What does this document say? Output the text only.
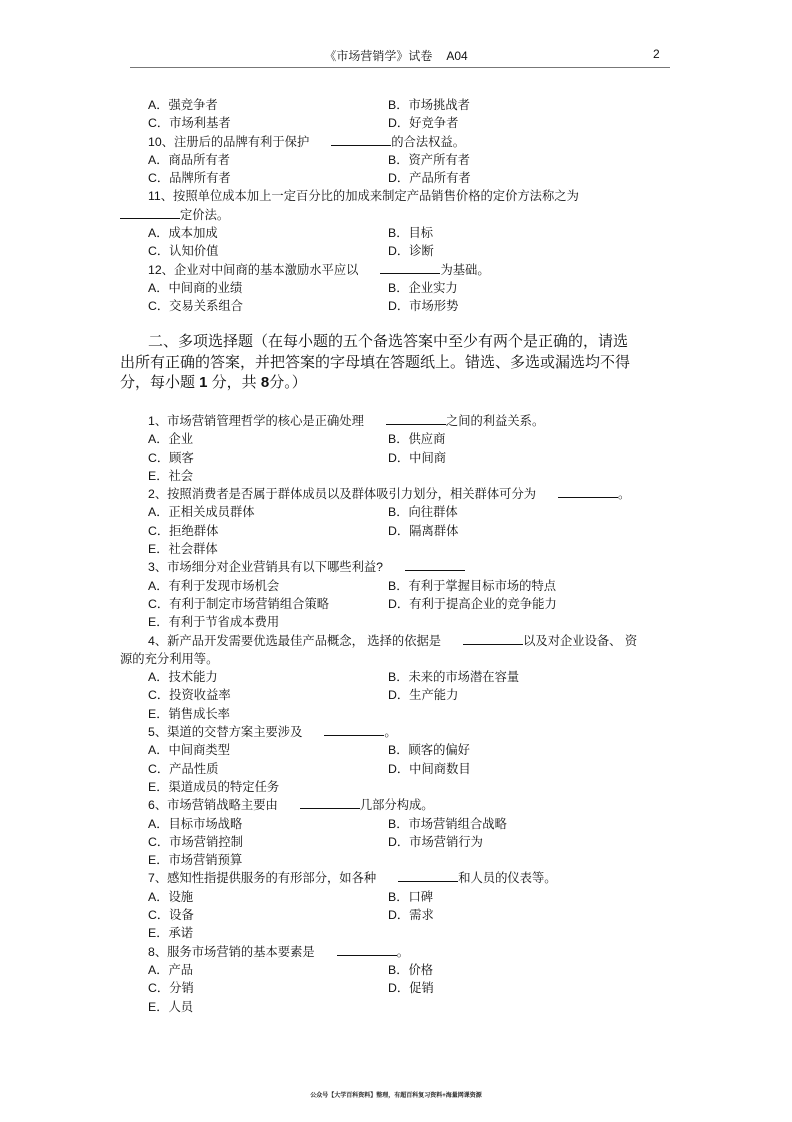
《市场营销学》试卷 A04	2
A．强竞争者	B．市场挑战者
C．市场利基者	D．好竞争者
10、注册后的品牌有利于保护	的合法权益。
A．商品所有者	B．资产所有者
C．品牌所有者	D．产品所有者
11、按照单位成本加上一定百分比的加成来制定产品销售价格的定价方法称之为
定价法。
A．成本加成	B．目标
C．认知价值	D．诊断
12、企业对中间商的基本激励水平应以	为基础。
A．中间商的业绩	B．企业实力
C．交易关系组合	D．市场形势
二、多项选择题（在每小题的五个备选答案中至少有两个是正确的，请选
出所有正确的答案，并把答案的字母填在答题纸上。错选、多选或漏选均不得
分，每小题 1 分，共 8分。）
1、市场营销管理哲学的核心是正确处理	之间的利益关系。
A．企业	B．供应商
C．顾客	D．中间商
E．社会
2、按照消费者是否属于群体成员以及群体吸引力划分，相关群体可分为	。
A．正相关成员群体	B．向往群体
C．拒绝群体	D．隔离群体
E．社会群体
3、市场细分对企业营销具有以下哪些利益?
A．有利于发现市场机会	B．有利于掌握目标市场的特点
C．有利于制定市场营销组合策略	D．有利于提高企业的竞争能力
E．有利于节省成本费用
4、新产品开发需要优选最佳产品概念， 选择的依据是	以及对企业设备、 资
源的充分利用等。
A．技术能力	B．未来的市场潜在容量
C．投资收益率	D．生产能力
E．销售成长率
5、渠道的交替方案主要涉及	。
A．中间商类型	B．顾客的偏好
C．产品性质	D．中间商数目
E．渠道成员的特定任务
6、市场营销战略主要由	几部分构成。
A．目标市场战略	B．市场营销组合战略
C．市场营销控制	D．市场营销行为
E．市场营销预算
7、感知性指提供服务的有形部分，如各种	和人员的仪表等。
A．设施	B．口碑
C．设备	D．需求
E．承诺
8、服务市场营销的基本要素是	。
A．产品	B．价格
C．分销	D．促销
E．人员
公众号【大学百科资料】整理，有超百科复习资料+海量网课资源
